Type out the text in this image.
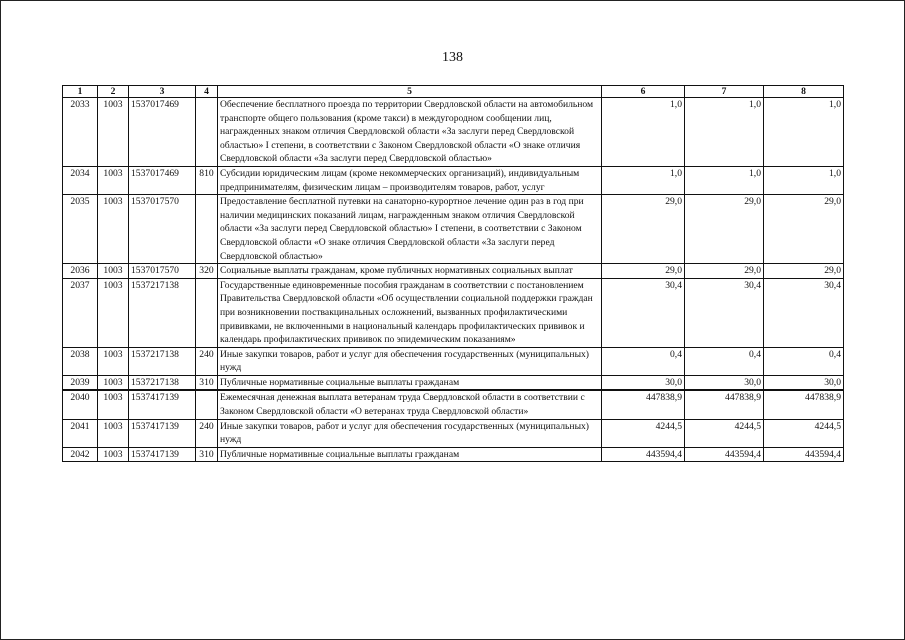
138
1	2	3	4	5	6	7	8
2033	1003	1537017469		Обеспечение бесплатного проезда по территории Свердловской области на автомобильном транспорте общего пользования (кроме такси) в междугородном сообщении лиц, награжденных знаком отличия Свердловской области «За заслуги перед Свердловской областью» I степени, в соответствии с Законом Свердловской области «О знаке отличия Свердловской области «За заслуги перед Свердловской областью»	1,0	1,0	1,0
2034	1003	1537017469	810	Субсидии юридическим лицам (кроме некоммерческих организаций), индивидуальным предпринимателям, физическим лицам – производителям товаров, работ, услуг	1,0	1,0	1,0
2035	1003	1537017570		Предоставление бесплатной путевки на санаторно-курортное лечение один раз в год при наличии медицинских показаний лицам, награжденным знаком отличия Свердловской области «За заслуги перед Свердловской областью» I степени, в соответствии с Законом Свердловской области «О знаке отличия Свердловской области «За заслуги перед Свердловской областью»	29,0	29,0	29,0
2036	1003	1537017570	320	Социальные выплаты гражданам, кроме публичных нормативных социальных выплат	29,0	29,0	29,0
2037	1003	1537217138		Государственные единовременные пособия гражданам в соответствии с постановлением Правительства Свердловской области «Об осуществлении социальной поддержки граждан при возникновении поствакцинальных осложнений, вызванных профилактическими прививками, не включенными в национальный календарь профилактических прививок и календарь профилактических прививок по эпидемическим показаниям»	30,4	30,4	30,4
2038	1003	1537217138	240	Иные закупки товаров, работ и услуг для обеспечения государственных (муниципальных) нужд	0,4	0,4	0,4
2039	1003	1537217138	310	Публичные нормативные социальные выплаты гражданам	30,0	30,0	30,0
2040	1003	1537417139		Ежемесячная денежная выплата ветеранам труда Свердловской области в соответствии с Законом Свердловской области «О ветеранах труда Свердловской области»	447838,9	447838,9	447838,9
2041	1003	1537417139	240	Иные закупки товаров, работ и услуг для обеспечения государственных (муниципальных) нужд	4244,5	4244,5	4244,5
2042	1003	1537417139	310	Публичные нормативные социальные выплаты гражданам	443594,4	443594,4	443594,4
